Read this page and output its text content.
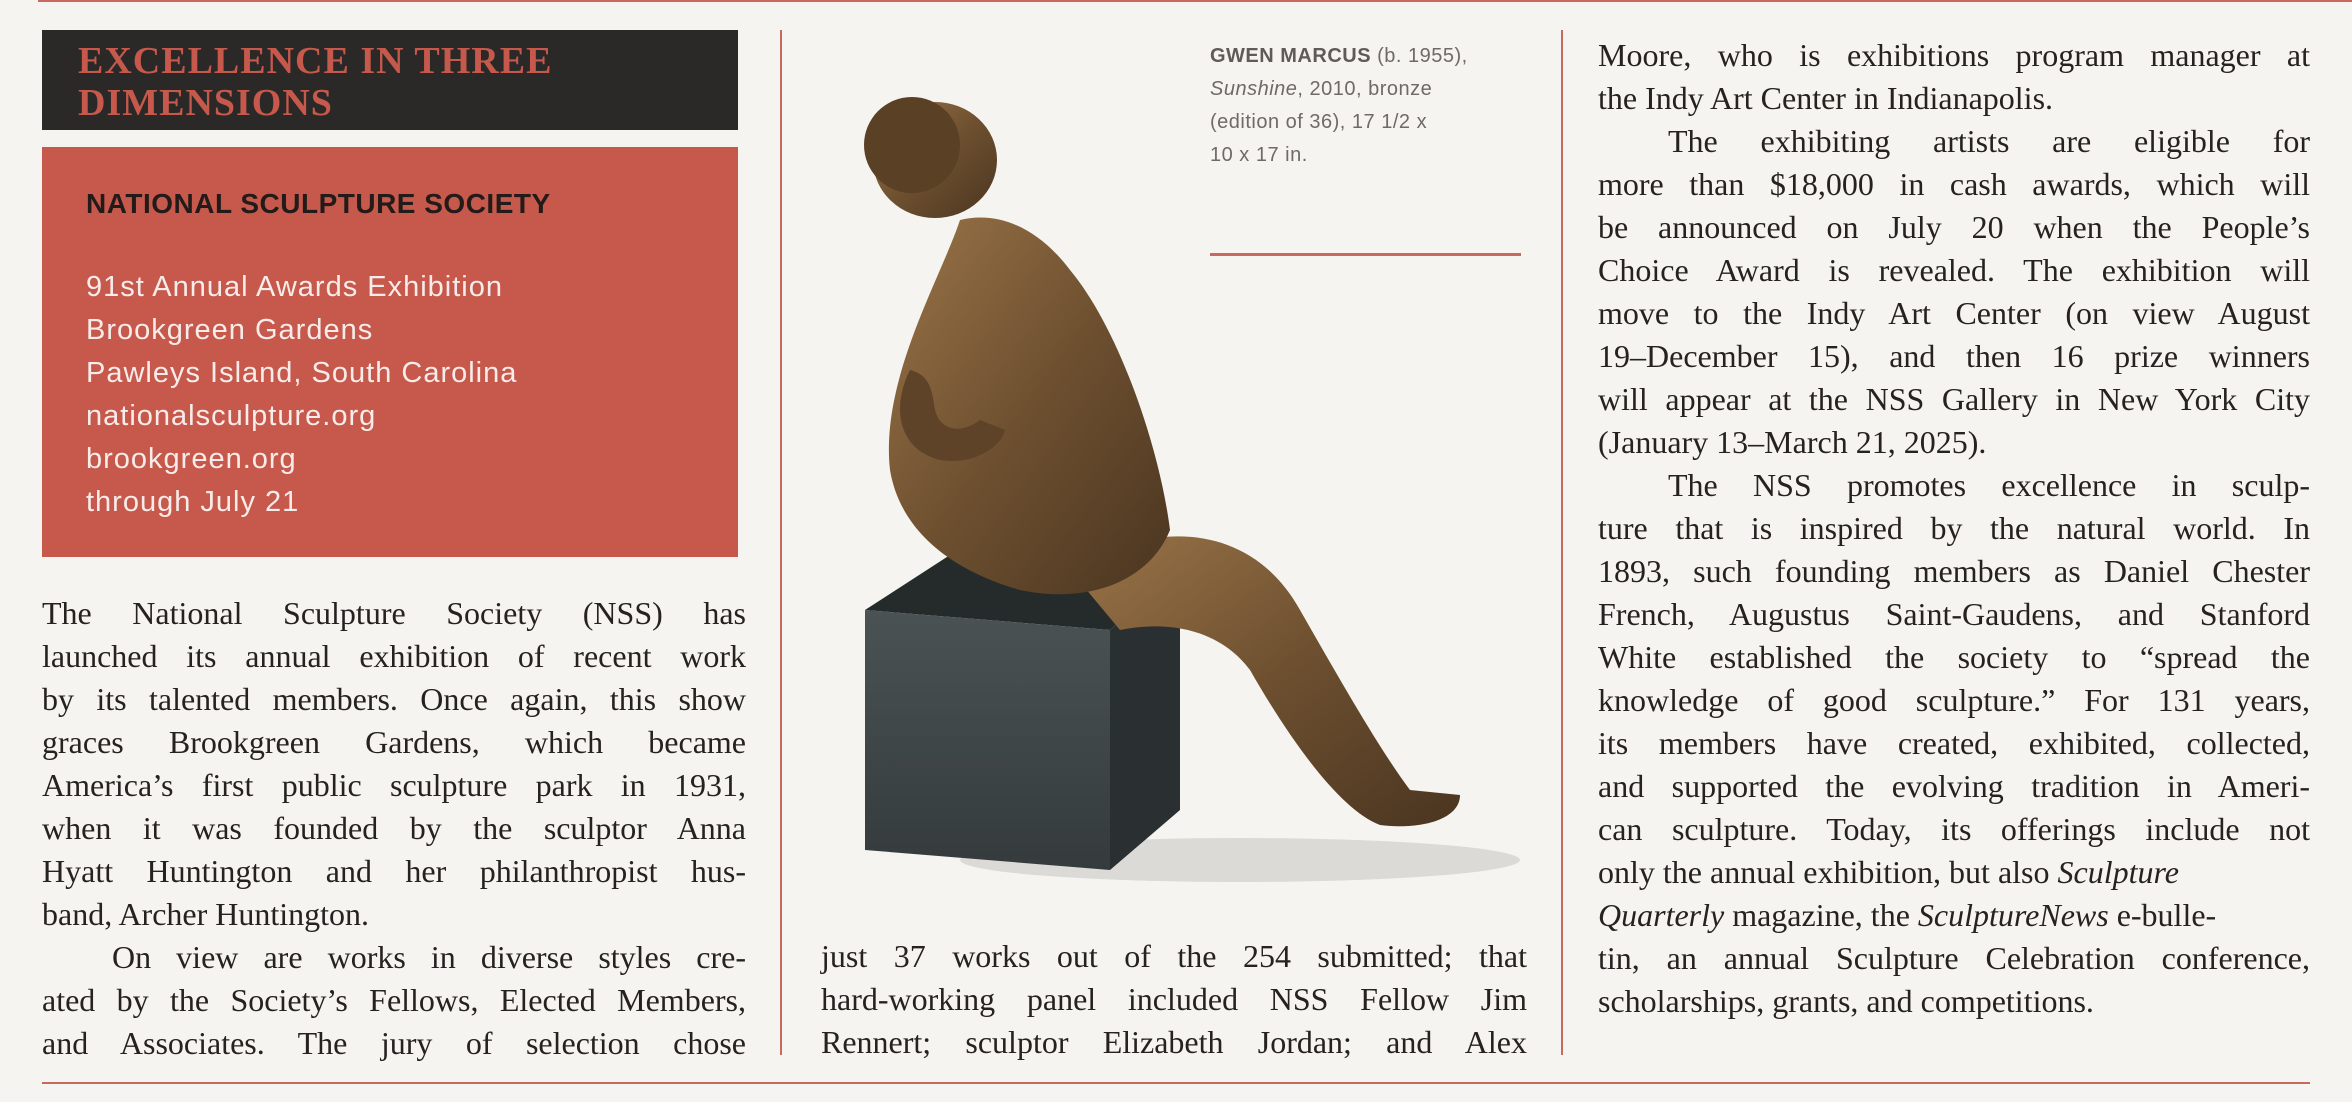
EXCELLENCE IN THREE
DIMENSIONS
NATIONAL SCULPTURE SOCIETY
91st Annual Awards Exhibition
Brookgreen Gardens
Pawleys Island, South Carolina
nationalsculpture.org
brookgreen.org
through July 21
The National Sculpture Society (NSS) has
launched its annual exhibition of recent work
by its talented members. Once again, this show
graces Brookgreen Gardens, which became
America’s first public sculpture park in 1931,
when it was founded by the sculptor Anna
Hyatt Huntington and her philanthropist hus-
band, Archer Huntington.
On view are works in diverse styles cre-
ated by the Society’s Fellows, Elected Members,
and Associates. The jury of selection chose
GWEN MARCUS (b. 1955),
Sunshine, 2010, bronze
(edition of 36), 17 1/2 x
10 x 17 in.
just 37 works out of the 254 submitted; that
hard-working panel included NSS Fellow Jim
Rennert; sculptor Elizabeth Jordan; and Alex
Moore, who is exhibitions program manager at
the Indy Art Center in Indianapolis.
The exhibiting artists are eligible for
more than $18,000 in cash awards, which will
be announced on July 20 when the People’s
Choice Award is revealed. The exhibition will
move to the Indy Art Center (on view August
19–December 15), and then 16 prize winners
will appear at the NSS Gallery in New York City
(January 13–March 21, 2025).
The NSS promotes excellence in sculp-
ture that is inspired by the natural world. In
1893, such founding members as Daniel Chester
French, Augustus Saint-Gaudens, and Stanford
White established the society to “spread the
knowledge of good sculpture.” For 131 years,
its members have created, exhibited, collected,
and supported the evolving tradition in Ameri-
can sculpture. Today, its offerings include not
only the annual exhibition, but also Sculpture
Quarterly magazine, the SculptureNews e-bulle-
tin, an annual Sculpture Celebration conference,
scholarships, grants, and competitions.
